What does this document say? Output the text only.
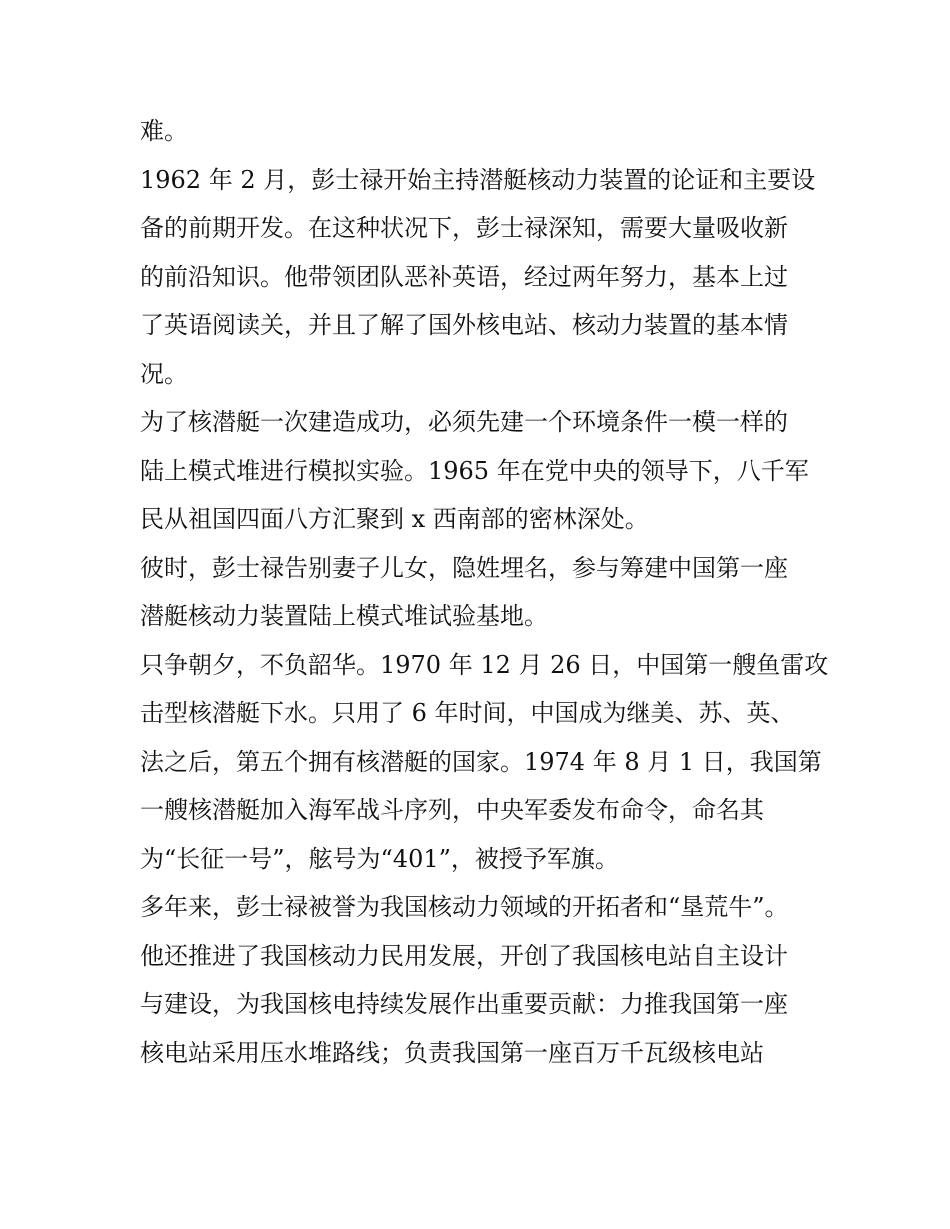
难。
1962 年 2 月，彭士禄开始主持潜艇核动力装置的论证和主要设
备的前期开发。在这种状况下，彭士禄深知，需要大量吸收新
的前沿知识。他带领团队恶补英语，经过两年努力，基本上过
了英语阅读关，并且了解了国外核电站、核动力装置的基本情
况。
为了核潜艇一次建造成功，必须先建一个环境条件一模一样的
陆上模式堆进行模拟实验。1965 年在党中央的领导下，八千军
民从祖国四面八方汇聚到 x 西南部的密林深处。
彼时，彭士禄告别妻子儿女，隐姓埋名，参与筹建中国第一座
潜艇核动力装置陆上模式堆试验基地。
只争朝夕，不负韶华。1970 年 12 月 26 日，中国第一艘鱼雷攻
击型核潜艇下水。只用了 6 年时间，中国成为继美、苏、英、
法之后，第五个拥有核潜艇的国家。1974 年 8 月 1 日，我国第
一艘核潜艇加入海军战斗序列，中央军委发布命令，命名其
为“长征一号”，舷号为“401”，被授予军旗。
多年来，彭士禄被誉为我国核动力领域的开拓者和“垦荒牛”。
他还推进了我国核动力民用发展，开创了我国核电站自主设计
与建设，为我国核电持续发展作出重要贡献：力推我国第一座
核电站采用压水堆路线；负责我国第一座百万千瓦级核电站
